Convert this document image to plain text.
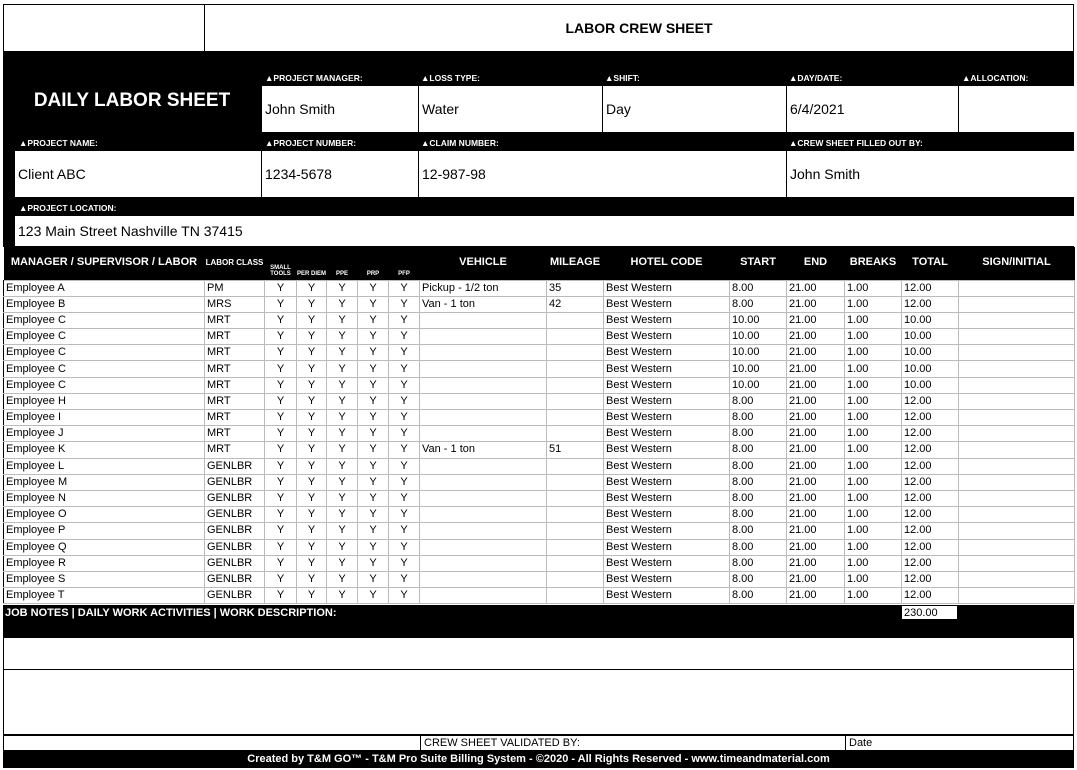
LABOR CREW SHEET
DAILY LABOR SHEET
▲PROJECT MANAGER:	▲LOSS TYPE:	▲SHIFT:	▲DAY/DATE:	▲ALLOCATION:
John Smith	Water	Day	6/4/2021
▲PROJECT NAME:	▲PROJECT NUMBER:	▲CLAIM NUMBER:	▲CREW SHEET FILLED OUT BY:
Client ABC	1234-5678	12-987-98	John Smith
▲PROJECT LOCATION:
123 Main Street Nashville TN 37415
MANAGER / SUPERVISOR / LABOR	LABOR CLASS	SMALL TOOLS	PER DIEM	PPE	PRP	PFP	VEHICLE	MILEAGE	HOTEL CODE	START	END	BREAKS	TOTAL	SIGN/INITIAL
Employee A	PM	Y	Y	Y	Y	Y	Pickup - 1/2 ton	35	Best Western	8.00	21.00	1.00	12.00	
Employee B	MRS	Y	Y	Y	Y	Y	Van - 1 ton	42	Best Western	8.00	21.00	1.00	12.00	
Employee C	MRT	Y	Y	Y	Y	Y			Best Western	10.00	21.00	1.00	10.00	
Employee C	MRT	Y	Y	Y	Y	Y			Best Western	10.00	21.00	1.00	10.00	
Employee C	MRT	Y	Y	Y	Y	Y			Best Western	10.00	21.00	1.00	10.00	
Employee C	MRT	Y	Y	Y	Y	Y			Best Western	10.00	21.00	1.00	10.00	
Employee C	MRT	Y	Y	Y	Y	Y			Best Western	10.00	21.00	1.00	10.00	
Employee H	MRT	Y	Y	Y	Y	Y			Best Western	8.00	21.00	1.00	12.00	
Employee I	MRT	Y	Y	Y	Y	Y			Best Western	8.00	21.00	1.00	12.00	
Employee J	MRT	Y	Y	Y	Y	Y			Best Western	8.00	21.00	1.00	12.00	
Employee K	MRT	Y	Y	Y	Y	Y	Van - 1 ton	51	Best Western	8.00	21.00	1.00	12.00	
Employee L	GENLBR	Y	Y	Y	Y	Y			Best Western	8.00	21.00	1.00	12.00	
Employee M	GENLBR	Y	Y	Y	Y	Y			Best Western	8.00	21.00	1.00	12.00	
Employee N	GENLBR	Y	Y	Y	Y	Y			Best Western	8.00	21.00	1.00	12.00	
Employee O	GENLBR	Y	Y	Y	Y	Y			Best Western	8.00	21.00	1.00	12.00	
Employee P	GENLBR	Y	Y	Y	Y	Y			Best Western	8.00	21.00	1.00	12.00	
Employee Q	GENLBR	Y	Y	Y	Y	Y			Best Western	8.00	21.00	1.00	12.00	
Employee R	GENLBR	Y	Y	Y	Y	Y			Best Western	8.00	21.00	1.00	12.00	
Employee S	GENLBR	Y	Y	Y	Y	Y			Best Western	8.00	21.00	1.00	12.00	
Employee T	GENLBR	Y	Y	Y	Y	Y			Best Western	8.00	21.00	1.00	12.00	
JOB NOTES | DAILY WORK ACTIVITIES | WORK DESCRIPTION:	230.00
CREW SHEET VALIDATED BY:	Date
Created by T&M GO™ - T&M Pro Suite Billing System - ©2020 - All Rights Reserved - www.timeandmaterial.com
